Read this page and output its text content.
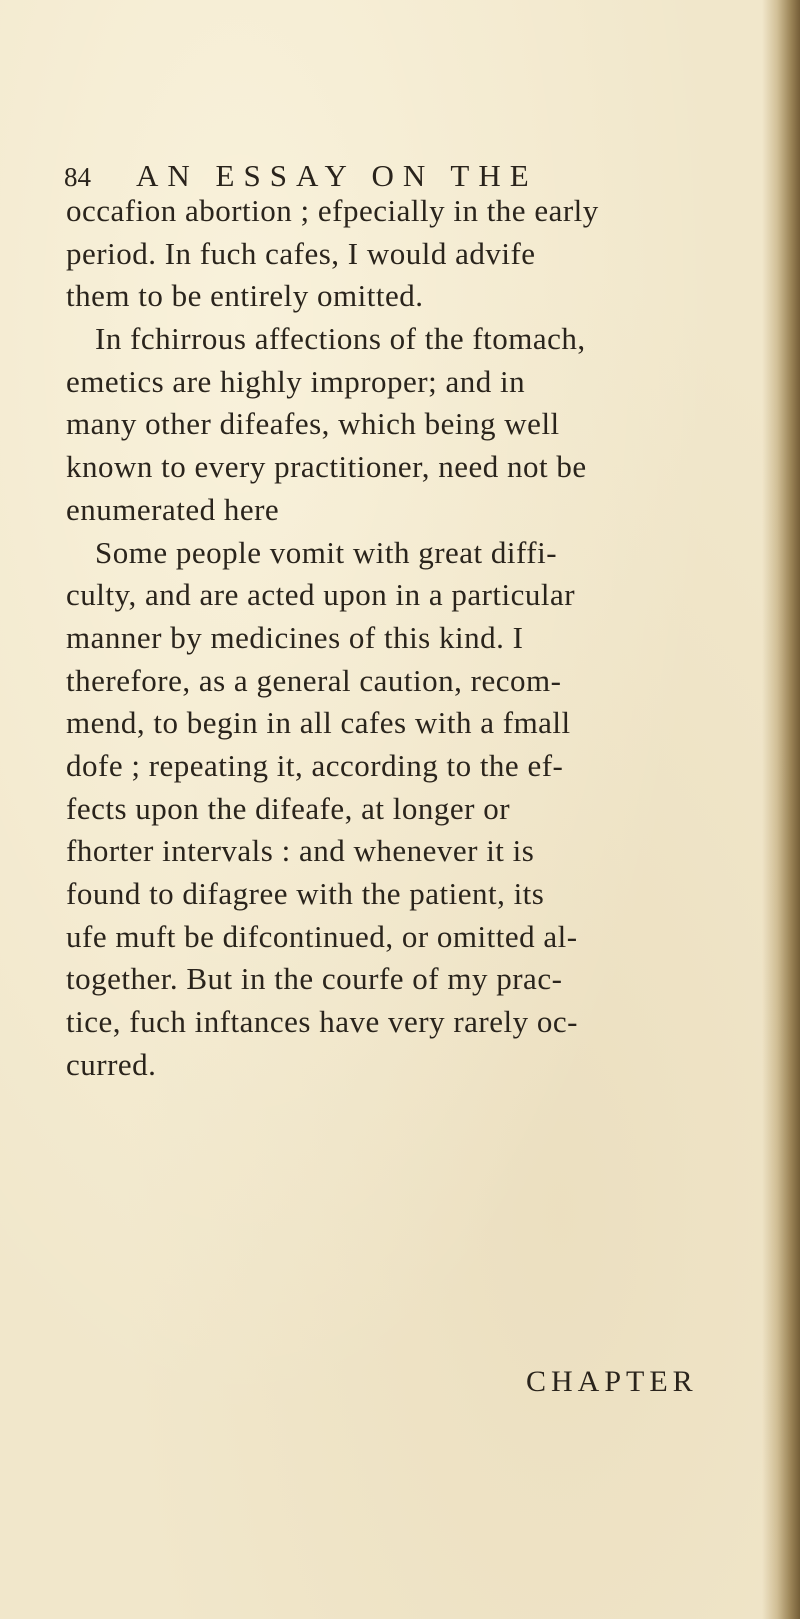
84 AN ESSAY ON THE
occafion abortion ; efpecially in the early
period. In fuch cafes, I would advife
them to be entirely omitted.
In fchirrous affections of the ftomach,
emetics are highly improper; and in
many other difeafes, which being well
known to every practitioner, need not be
enumerated here
Some people vomit with great diffi-
culty, and are acted upon in a particular
manner by medicines of this kind. I
therefore, as a general caution, recom-
mend, to begin in all cafes with a fmall
dofe ; repeating it, according to the ef-
fects upon the difeafe, at longer or
fhorter intervals : and whenever it is
found to difagree with the patient, its
ufe muft be difcontinued, or omitted al-
together. But in the courfe of my prac-
tice, fuch inftances have very rarely oc-
curred.
CHAPTER
